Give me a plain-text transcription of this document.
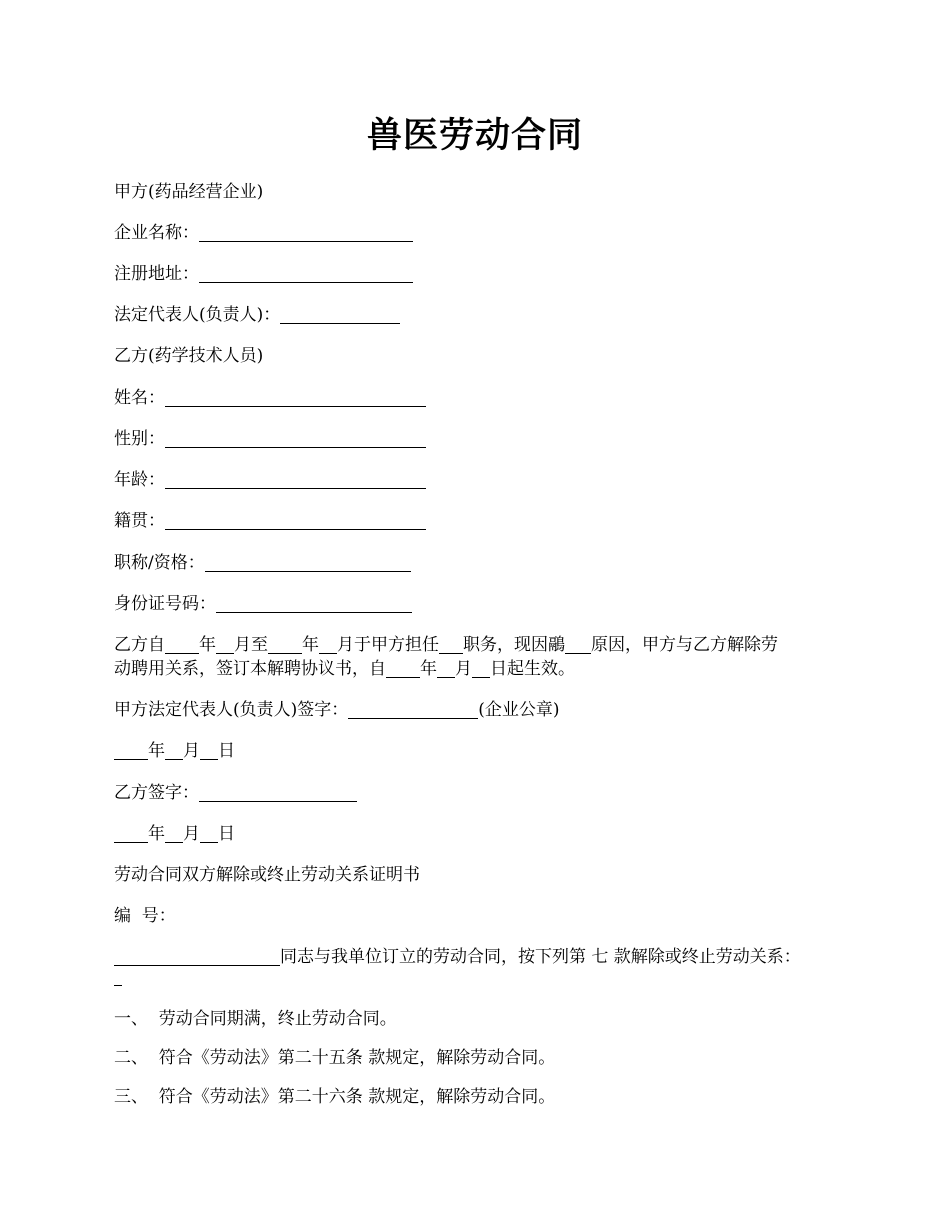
兽医劳动合同
甲方(药品经营企业)
企业名称：
注册地址：
法定代表人(负责人)：
乙方(药学技术人员)
姓名：
性别：
年龄：
籍贯：
职称/资格：
身份证号码：
乙方自 年 月至 年 月于甲方担任 职务，现因鷊 原因，甲方与乙方解除劳
动聘用关系，签订本解聘协议书，自 年 月 日起生效。
甲方法定代表人(负责人)签字：	(企业公章)
年 月 日
乙方签字：
年 月 日
劳动合同双方解除或终止劳动关系证明书
编  号：
同志与我单位订立的劳动合同，按下列第 七 款解除或终止劳动关系：
一、  劳动合同期满，终止劳动合同。
二、  符合《劳动法》第二十五条 款规定，解除劳动合同。
三、  符合《劳动法》第二十六条 款规定，解除劳动合同。
